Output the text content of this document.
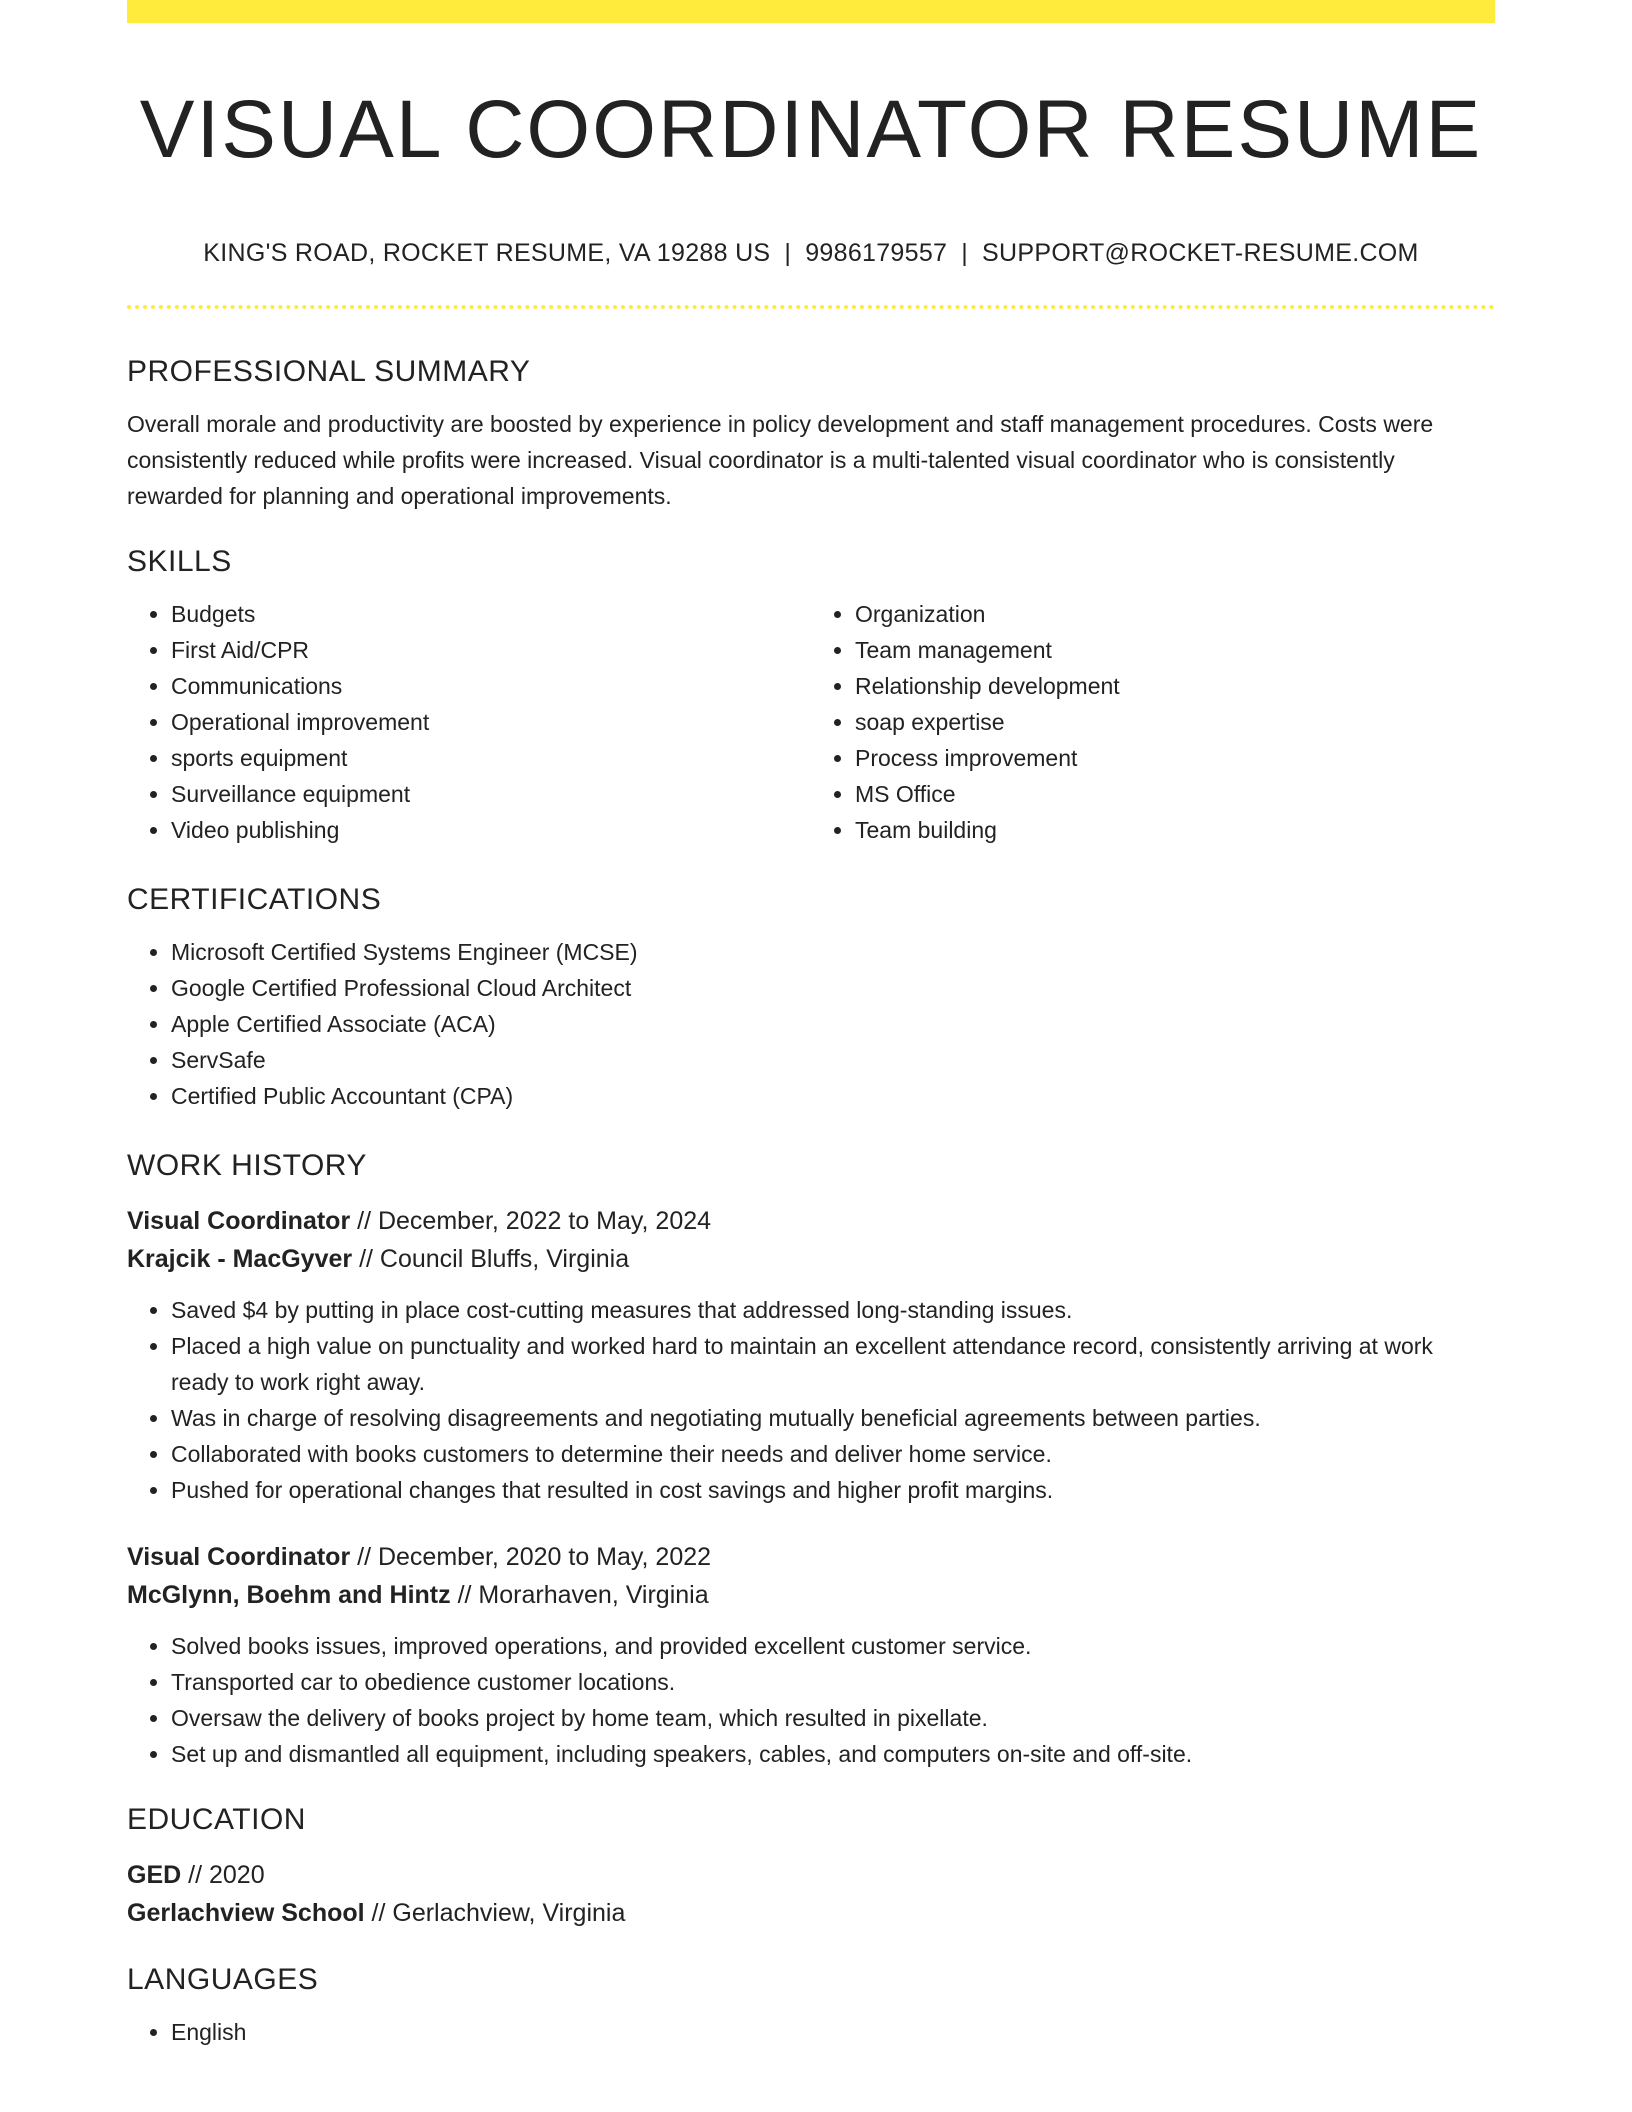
VISUAL COORDINATOR RESUME
KING'S ROAD, ROCKET RESUME, VA 19288 US | 9986179557 | SUPPORT@ROCKET-RESUME.COM
PROFESSIONAL SUMMARY

Overall morale and productivity are boosted by experience in policy development and staff management procedures. Costs were consistently reduced while profits were increased. Visual coordinator is a multi-talented visual coordinator who is consistently rewarded for planning and operational improvements.

SKILLS
• Budgets
• First Aid/CPR
• Communications
• Operational improvement
• sports equipment
• Surveillance equipment
• Video publishing
• Organization
• Team management
• Relationship development
• soap expertise
• Process improvement
• MS Office
• Team building
CERTIFICATIONS
• Microsoft Certified Systems Engineer (MCSE)
• Google Certified Professional Cloud Architect
• Apple Certified Associate (ACA)
• ServSafe
• Certified Public Accountant (CPA)
WORK HISTORY

Visual Coordinator // December, 2022 to May, 2024

Krajcik - MacGyver // Council Bluffs, Virginia

• Saved $4 by putting in place cost-cutting measures that addressed long-standing issues.
• Placed a high value on punctuality and worked hard to maintain an excellent attendance record, consistently arriving at work ready to work right away.
• Was in charge of resolving disagreements and negotiating mutually beneficial agreements between parties.
• Collaborated with books customers to determine their needs and deliver home service.
• Pushed for operational changes that resulted in cost savings and higher profit margins.

Visual Coordinator // December, 2020 to May, 2022

McGlynn, Boehm and Hintz // Morarhaven, Virginia

• Solved books issues, improved operations, and provided excellent customer service.
• Transported car to obedience customer locations.
• Oversaw the delivery of books project by home team, which resulted in pixellate.
• Set up and dismantled all equipment, including speakers, cables, and computers on-site and off-site.
EDUCATION

GED // 2020

Gerlachview School // Gerlachview, Virginia

LANGUAGES
• English
